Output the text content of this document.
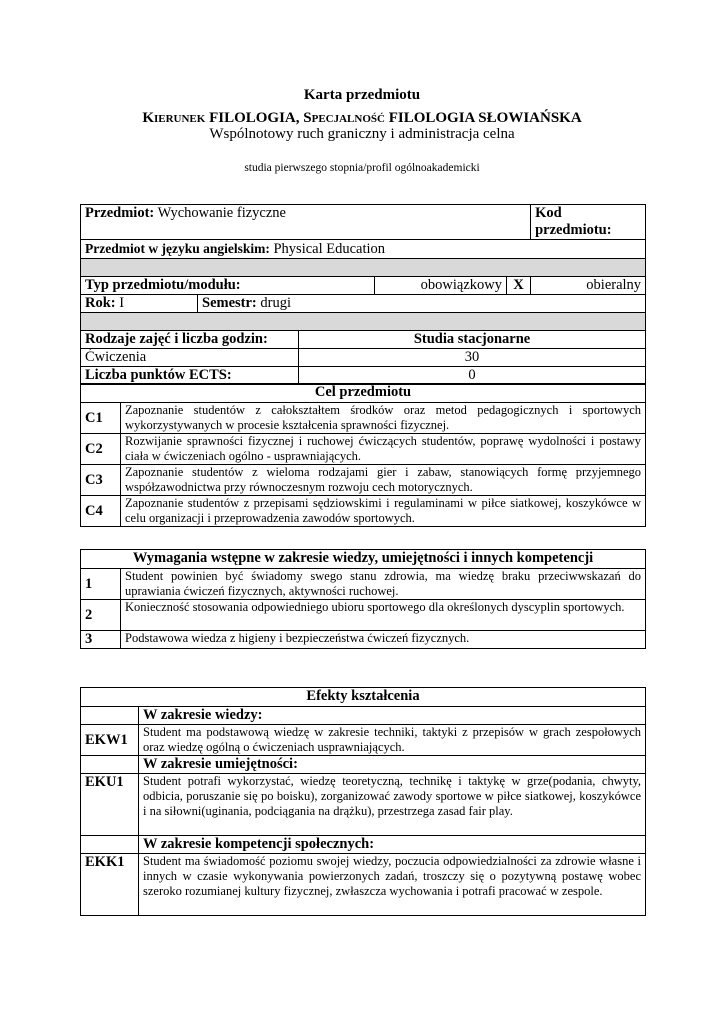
Karta przedmiotu
Kierunek FILOLOGIA, Specjalność FILOLOGIA SŁOWIAŃSKA
Wspólnotowy ruch graniczny i administracja celna
studia pierwszego stopnia/profil ogólnoakademicki
Przedmiot: Wychowanie fizyczne					Kod przedmiotu:
Przedmiot w języku angielskim: Physical Education					

Typ przedmiotu/modułu:			obowiązkowy	X	obieralny
Rok: I	Semestr: drugi				

Rodzaje zajęć i liczba godzin:		Studia stacjonarne			
Ćwiczenia		30			
Liczba punktów ECTS:		0			
Cel przedmiotu	
C1	Zapoznanie studentów z całokształtem środków oraz metod pedagogicznych i sportowych wykorzystywanych w procesie kształcenia sprawności fizycznej.
C2	Rozwijanie sprawności fizycznej i ruchowej ćwiczących studentów, poprawę wydolności i postawy ciała w ćwiczeniach ogólno - usprawniających.
C3	Zapoznanie studentów z wieloma rodzajami gier i zabaw, stanowiących formę przyjemnego współzawodnictwa przy równoczesnym rozwoju cech motorycznych.
C4	Zapoznanie studentów z przepisami sędziowskimi i regulaminami w piłce siatkowej, koszykówce w celu organizacji i przeprowadzenia zawodów sportowych.
Wymagania wstępne w zakresie wiedzy, umiejętności i innych kompetencji	
1	Student powinien być świadomy swego stanu zdrowia, ma wiedzę braku przeciwwskazań do uprawiania ćwiczeń fizycznych, aktywności ruchowej.
2	Konieczność stosowania odpowiedniego ubioru sportowego dla określonych dyscyplin sportowych.
3	Podstawowa wiedza z higieny i bezpieczeństwa ćwiczeń fizycznych.
Efekty kształcenia	
	W zakresie wiedzy:
EKW1	Student ma podstawową wiedzę w zakresie techniki, taktyki z przepisów w grach zespołowych oraz wiedzę ogólną o ćwiczeniach usprawniających.
	W zakresie umiejętności:
EKU1	Student potrafi wykorzystać, wiedzę teoretyczną, technikę i taktykę w grze(podania, chwyty, odbicia, poruszanie się po boisku), zorganizować zawody sportowe w piłce siatkowej, koszykówce i na siłowni(uginania, podciągania na drążku), przestrzega zasad fair play.
	W zakresie kompetencji społecznych:
EKK1	Student ma świadomość poziomu swojej wiedzy, poczucia odpowiedzialności za zdrowie własne i innych w czasie wykonywania powierzonych zadań, troszczy się o pozytywną postawę wobec szeroko rozumianej kultury fizycznej, zwłaszcza wychowania i potrafi pracować w zespole.
